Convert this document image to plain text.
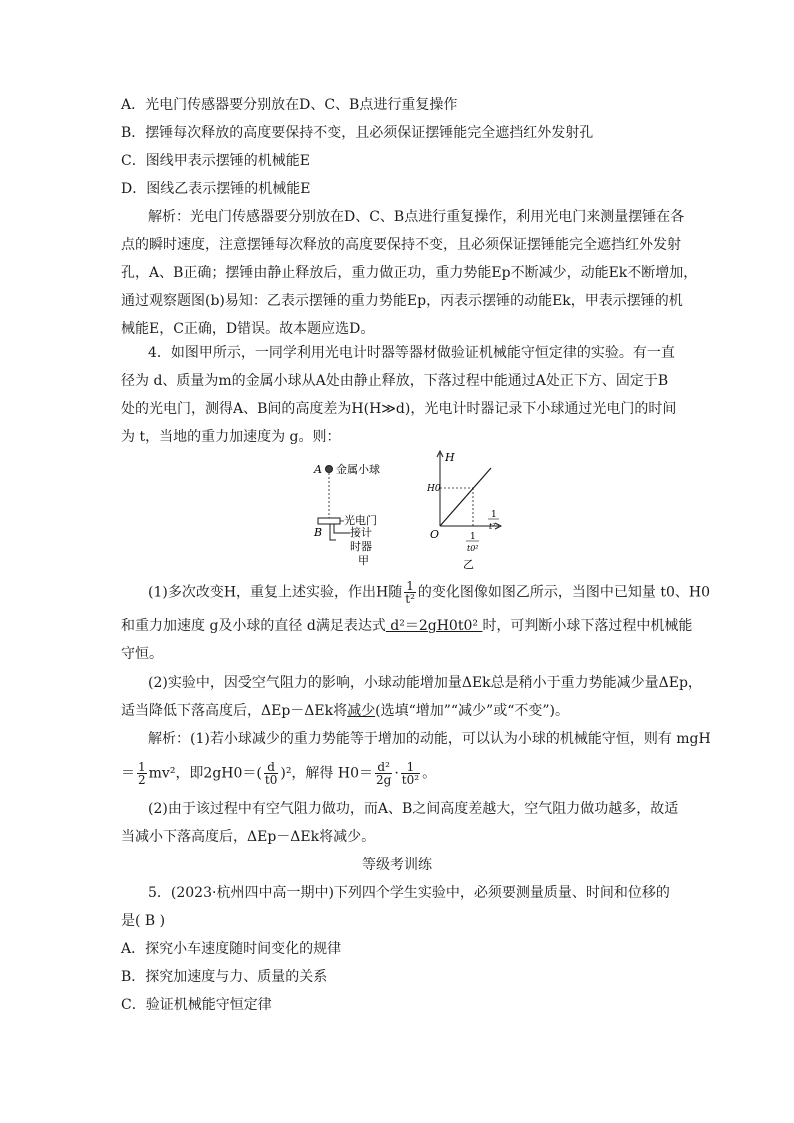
A．光电门传感器要分别放在D、C、B点进行重复操作
B．摆锤每次释放的高度要保持不变，且必须保证摆锤能完全遮挡红外发射孔
C．图线甲表示摆锤的机械能E
D．图线乙表示摆锤的机械能E
解析：光电门传感器要分别放在D、C、B点进行重复操作，利用光电门来测量摆锤在各
点的瞬时速度，注意摆锤每次释放的高度要保持不变，且必须保证摆锤能完全遮挡红外发射
孔，A、B正确；摆锤由静止释放后，重力做正功，重力势能Ep不断减少，动能Ek不断增加，
通过观察题图(b)易知：乙表示摆锤的重力势能Ep，丙表示摆锤的动能Ek，甲表示摆锤的机
械能E，C正确，D错误。故本题应选D。
4．如图甲所示，一同学利用光电计时器等器材做验证机械能守恒定律的实验。有一直
径为 d、质量为m的金属小球从A处由静止释放，下落过程中能通过A处正下方、固定于B
处的光电门，测得A、B间的高度差为H(H≫d)，光电计时器记录下小球通过光电门的时间
为 t，当地的重力加速度为 g。则：
A 金属小球
光电门
B	接计
时器
甲
H
1
t²
H0
O	1
t0²
乙
(1)多次改变H，重复上述实验，作出H随 $\frac{1}{\text{t²}}$ 的变化图像如图乙所示，当图中已知量 t0、H0
和重力加速度 g及小球的直径 d满足表达式 d²＝2gH0t0² 时，可判断小球下落过程中机械能
守恒。
(2)实验中，因受空气阻力的影响，小球动能增加量ΔEk总是稍小于重力势能减少量ΔEp，
适当降低下落高度后，ΔEp－ΔEk将减少(选填“增加”“减少”或“不变”)。
解析：(1)若小球减少的重力势能等于增加的动能，可以认为小球的机械能守恒，则有 mgH
＝ $\frac{1}{2} mv^2$，即$2gH0=( \frac{d}{t0} )^2$，解得 $H0= \frac{\text{d²}}{2g} \cdot \frac{1}{\text{t0²}}$ 。
(2)由于该过程中有空气阻力做功，而A、B之间高度差越大，空气阻力做功越多，故适
当减小下落高度后，ΔEp－ΔEk将减少。
等级考训练
5．(2023·杭州四中高一期中)下列四个学生实验中，必须要测量质量、时间和位移的
是( B )
A．探究小车速度随时间变化的规律
B．探究加速度与力、质量的关系
C．验证机械能守恒定律
